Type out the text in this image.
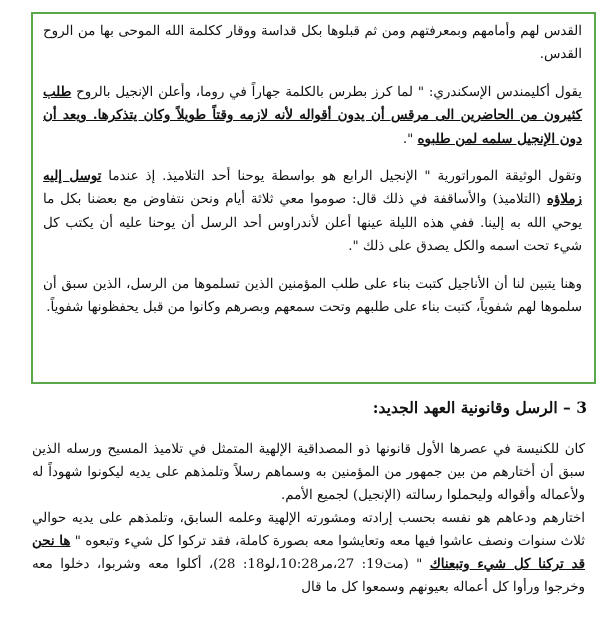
القدس لهم وأمامهم وبمعرفتهم ومن ثم قبلوها بكل قداسة ووقار ككلمة الله الموحى بها من الروح القدس.

يقول أكليمندس الإسكندري: " لما كرز بطرس بالكلمة جهاراً في روما، وأعلن الإنجيل بالروح طلب كثيرون من الحاضرين الى مرقس أن يدون أقواله لأنه لازمه وقتاً طويلاً وكان يتذكرها. ويعد أن دون الإنجيل سلمه لمن طلبوه ".

وتقول الوثيقة الموراتورية " الإنجيل الرابع هو بواسطة يوحنا أحد التلاميذ. إذ عندما توسل إليه زملاؤه (التلاميذ) والأساقفة في ذلك قال: صوموا معي ثلاثة أيام ونحن نتفاوض مع بعضنا بكل ما يوحي الله به إلينا. ففي هذه الليلة عينها أعلن لأندراوس أحد الرسل أن يوحنا عليه أن يكتب كل شيء تحت اسمه والكل يصدق على ذلك ".

وهنا يتبين لنا أن الأناجيل كتبت بناء على طلب المؤمنين الذين تسلموها من الرسل، الذين سبق أن سلموها لهم شفوياً، كتبت بناء على طلبهم وتحت سمعهم وبصرهم وكانوا من قبل يحفظونها شفوياً.

3 – الرسل وقانونية العهد الجديد:

كان للكنيسة في عصرها الأول قانونها ذو المصداقية الإلهية المتمثل في تلاميذ المسيح ورسله الذين سبق أن أختارهم من بين جمهور من المؤمنين به وسماهم رسلاً وتلمذهم على يديه ليكونوا شهوداً له ولأعماله وأقواله وليحملوا رسالته (الإنجيل) لجميع الأمم.

اختارهم ودعاهم هو نفسه بحسب إرادته ومشورته الإلهية وعلمه السابق، وتلمذهم على يديه حوالي ثلاث سنوات ونصف عاشوا فيها معه وتعايشوا معه بصورة كاملة، فقد تركوا كل شيء وتبعوه " ها نحن قد تركنا كل شيء وتبعناك " (مت19: 27،مر10:28،لو18: 28)، أكلوا معه وشربوا، دخلوا معه وخرجوا ورأوا كل أعماله بعيونهم وسمعوا كل ما قال
